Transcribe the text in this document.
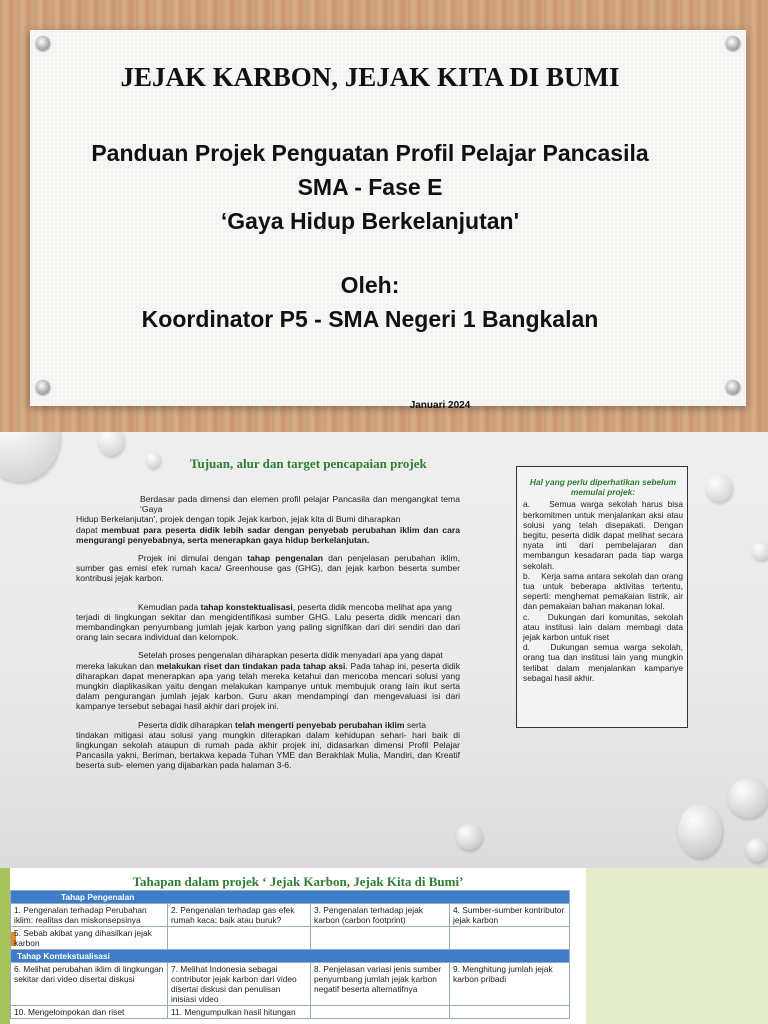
JEJAK KARBON, JEJAK KITA DI BUMI
Panduan Projek Penguatan Profil Pelajar Pancasila
SMA - Fase E
‘Gaya Hidup Berkelanjutan'
Oleh:
Koordinator P5 - SMA Negeri 1 Bangkalan
Januari 2024
Tujuan, alur dan target pencapaian projek

Berdasar pada dimensi dan elemen profil pelajar Pancasila dan mengangkat tema ‘Gaya

Hidup Berkelanjutan’, projek dengan topik Jejak karbon, jejak kita di Bumi diharapkan

dapat membuat para peserta didik lebih sadar dengan penyebab perubahan iklim dan cara mengurangi penyebabnya, serta menerapkan gaya hidup berkelanjutan.

Projek ini dimulai dengan tahap pengenalan dan penjelasan perubahan iklim, sumber gas emisi efek rumah kaca/ Greenhouse gas (GHG), dan jejak karbon beserta sumber kontribusi jejak karbon.

Kemudian pada tahap konstektualisasi, peserta didik mencoba melihat apa yang

terjadi di lingkungan sekitar dan mengidentifikasi sumber GHG. Lalu peserta didik mencari dan membandingkan penyumbang jumlah jejak karbon yang paling signifikan dari diri sendiri dan dari orang lain secara individual dan kelompok.

Setelah proses pengenalan diharapkan peserta didik menyadari apa yang dapat

mereka lakukan dan melakukan riset dan tindakan pada tahap aksi. Pada tahap ini, peserta didik diharapkan dapat menerapkan apa yang telah mereka ketahui dan mencoba mencari solusi yang mungkin diaplikasikan yaitu dengan melakukan kampanye untuk membujuk orang lain ikut serta dalam pengurangan jumlah jejak karbon. Guru akan mendampingi dan mengevaluasi isi dari kampanye tersebut sebagai hasil akhir dari projek ini.

Peserta didik diharapkan telah mengerti penyebab perubahan iklim serta

tindakan mitigasi atau solusi yang mungkin diterapkan dalam kehidupan sehari- hari baik di lingkungan sekolah ataupun di rumah pada akhir projek ini, didasarkan dimensi Profil Pelajar Pancasila yakni, Beriman, bertakwa kepada Tuhan YME dan Berakhlak Mulia, Mandiri, dan Kreatif beserta sub- elemen yang dijabarkan pada halaman 3-6.

Hal yang perlu diperhatikan sebelum memulai projek:
a.    Semua warga sekolah harus bisa berkomitmen untuk menjalankan aksi atau solusi yang telah disepakati. Dengan begitu, peserta didik dapat melihat secara nyata inti dari pembelajaran dan membangun kesadaran pada tiap warga sekolah.
b.    Kerja sama antara sekolah dan orang tua untuk beberapa aktivitas tertentu, seperti: menghemat pemakaian listrik, air dan pemakaian bahan makanan lokal.
c.    Dukungan dari komunitas, sekolah atau institusi lain dalam membagi data jejak karbon untuk riset
d.    Dukungan semua warga sekolah, orang tua dan institusi lain yang mungkin terlibat dalam menjalankan kampanye sebagai hasil akhir.
Tahapan dalam projek ‘ Jejak Karbon, Jejak Kita di Bumi’
Tahap Pengenalan			
1. Pengenalan terhadap Perubahan iklim: realitas dan miskonsepsinya	2. Pengenalan terhadap gas efek rumah kaca: baik atau buruk?	3. Pengenalan terhadap jejak karbon (carbon footprint)	4. Sumber-sumber kontributor jejak karbon
5. Sebab akibat yang dihasilkan jejak karbon			
Tahap Kontekstualisasi			
6. Melihat perubahan iklim di lingkungan sekitar dari video disertai diskusi	7. Melihat Indonesia sebagai contributor jejak karbon dari video disertai diskusi dan penulisan inisiasi video	8. Penjelasan variasi jenis sumber penyumbang jumlah jejak karbon negatif beserta alternatifnya	9. Menghitung jumlah jejak karbon pribadi
10. Mengelompokan dan riset	11. Mengumpulkan hasil hitungan		
